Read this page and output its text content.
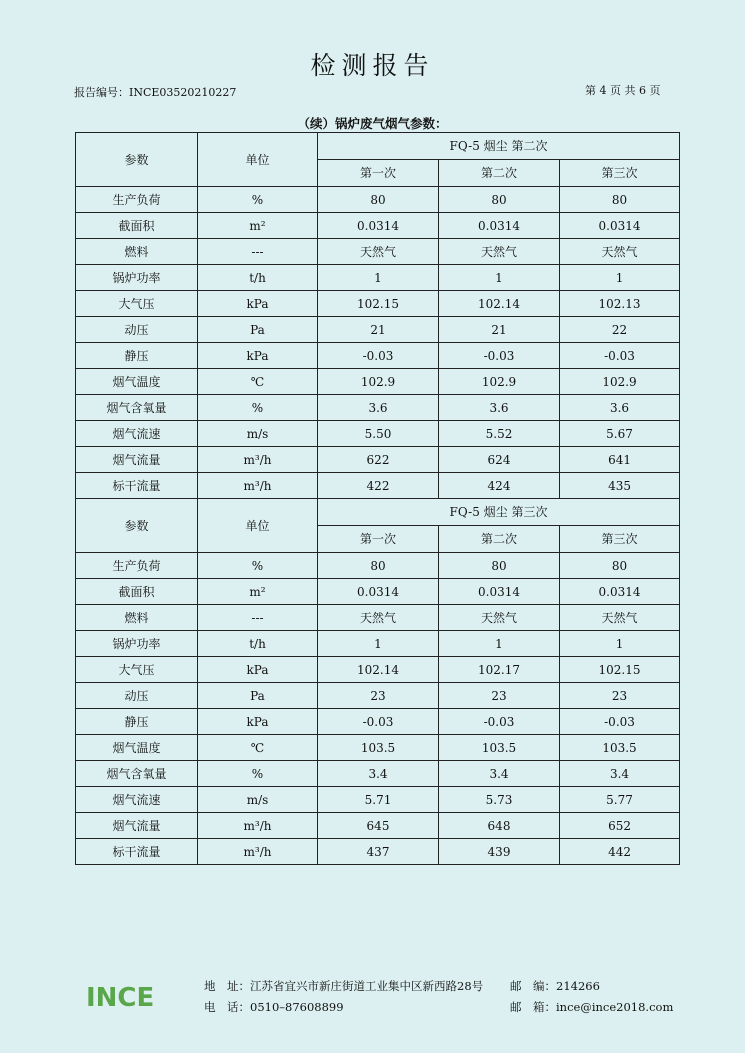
检测报告
报告编号：INCE03520210227	第 4 页 共 6 页
（续）锅炉废气烟气参数：
参数	单位	FQ-5 烟尘 第二次		
		第一次	第二次	第三次
生产负荷	%	80	80	80
截面积	m²	0.0314	0.0314	0.0314
燃料	---	天然气	天然气	天然气
锅炉功率	t/h	1	1	1
大气压	kPa	102.15	102.14	102.13
动压	Pa	21	21	22
静压	kPa	-0.03	-0.03	-0.03
烟气温度	℃	102.9	102.9	102.9
烟气含氧量	%	3.6	3.6	3.6
烟气流速	m/s	5.50	5.52	5.67
烟气流量	m³/h	622	624	641
标干流量	m³/h	422	424	435
参数	单位	FQ-5 烟尘 第三次		
		第一次	第二次	第三次
生产负荷	%	80	80	80
截面积	m²	0.0314	0.0314	0.0314
燃料	---	天然气	天然气	天然气
锅炉功率	t/h	1	1	1
大气压	kPa	102.14	102.17	102.15
动压	Pa	23	23	23
静压	kPa	-0.03	-0.03	-0.03
烟气温度	℃	103.5	103.5	103.5
烟气含氧量	%	3.4	3.4	3.4
烟气流速	m/s	5.71	5.73	5.77
烟气流量	m³/h	645	648	652
标干流量	m³/h	437	439	442
INCE	地　址：江苏省宜兴市新庄街道工业集中区新西路28号 邮　编：214266
电　话：0510–87608899	邮　箱：ince@ince2018.com
